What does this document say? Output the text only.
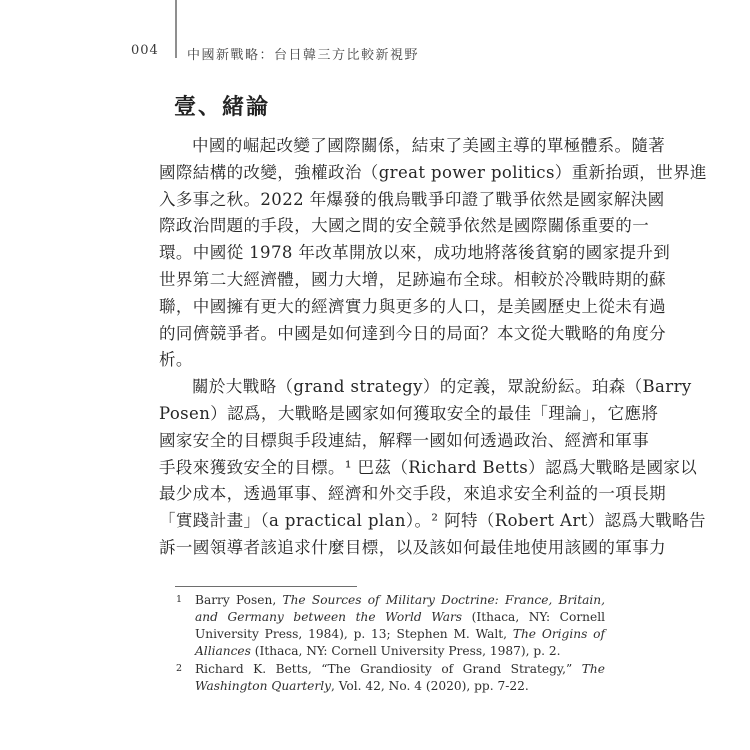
004 中國新戰略：台日韓三方比較新視野
壹、緒論
中國的崛起改變了國際關係，結束了美國主導的單極體系。隨著
國際結構的改變，強權政治（great power politics）重新抬頭，世界進
入多事之秋。2022 年爆發的俄烏戰爭印證了戰爭依然是國家解決國
際政治問題的手段，大國之間的安全競爭依然是國際關係重要的一
環。中國從 1978 年改革開放以來，成功地將落後貧窮的國家提升到
世界第二大經濟體，國力大增，足跡遍布全球。相較於冷戰時期的蘇
聯，中國擁有更大的經濟實力與更多的人口，是美國歷史上從未有過
的同儕競爭者。中國是如何達到今日的局面？本文從大戰略的角度分
析。
關於大戰略（grand strategy）的定義，眾說紛紜。珀森（Barry
Posen）認爲，大戰略是國家如何獲取安全的最佳「理論」，它應將
國家安全的目標與手段連結，解釋一國如何透過政治、經濟和軍事
手段來獲致安全的目標。¹ 巴茲（Richard Betts）認爲大戰略是國家以
最少成本，透過軍事、經濟和外交手段，來追求安全利益的一項長期
「實踐計畫」（a practical plan）。² 阿特（Robert Art）認爲大戰略告
訴一國領導者該追求什麼目標，以及該如何最佳地使用該國的軍事力
1 Barry Posen, The Sources of Military Doctrine: France, Britain, and Germany between the World Wars (Ithaca, NY: Cornell University Press, 1984), p. 13; Stephen M. Walt, The Origins of Alliances (Ithaca, NY: Cornell University Press, 1987), p. 2.
2 Richard K. Betts, “The Grandiosity of Grand Strategy,” The Washington Quarterly, Vol. 42, No. 4 (2020), pp. 7-22.
